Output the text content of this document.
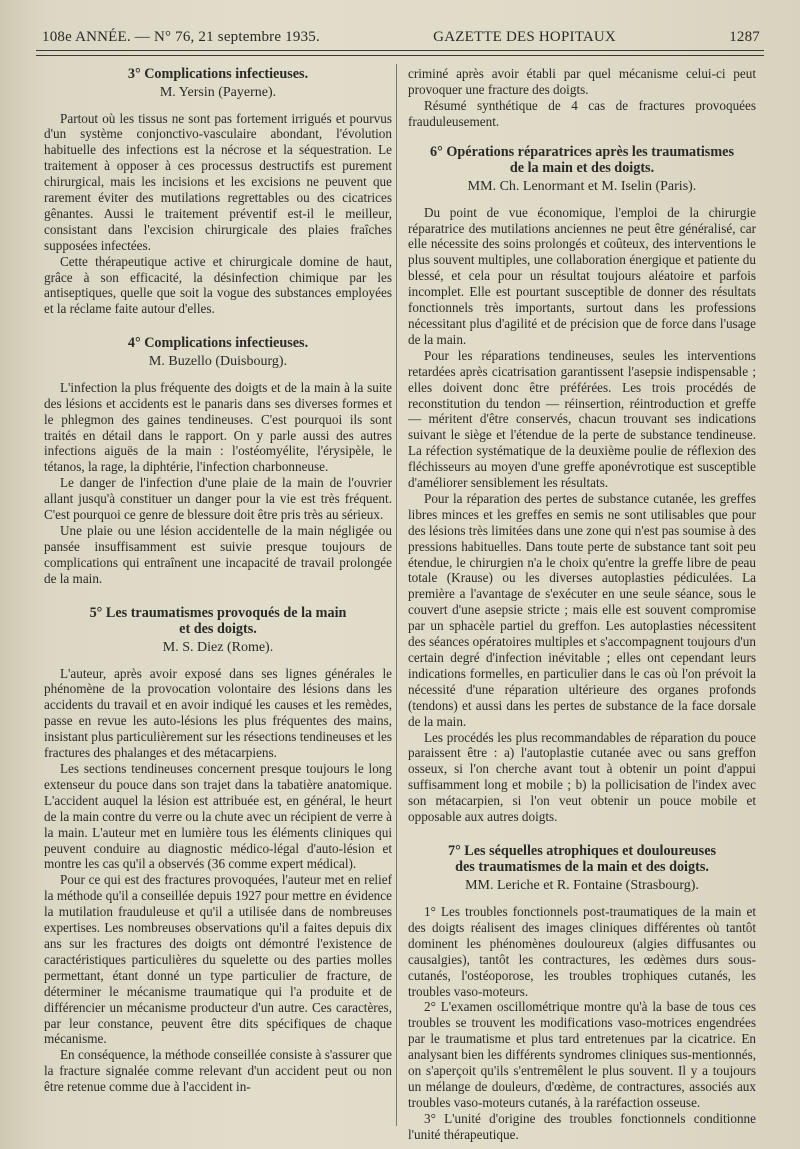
108e ANNÉE. — N° 76, 21 septembre 1935.	GAZETTE DES HOPITAUX	1287
3° Complications infectieuses.
M. Yersin (Payerne).

Partout où les tissus ne sont pas fortement irrigués et pourvus d'un système conjonctivo-vasculaire abondant, l'évolution habituelle des infections est la nécrose et la séquestration. Le traitement à opposer à ces processus destructifs est purement chirurgical, mais les incisions et les excisions ne peuvent que rarement éviter des mutilations regrettables ou des cicatrices gênantes. Aussi le traitement préventif est-il le meilleur, consistant dans l'excision chirurgicale des plaies fraîches supposées infectées.

Cette thérapeutique active et chirurgicale domine de haut, grâce à son efficacité, la désinfection chimique par les antiseptiques, quelle que soit la vogue des substances employées et la réclame faite autour d'elles.

4° Complications infectieuses.
M. Buzello (Duisbourg).

L'infection la plus fréquente des doigts et de la main à la suite des lésions et accidents est le panaris dans ses diverses formes et le phlegmon des gaines tendineuses. C'est pourquoi ils sont traités en détail dans le rapport. On y parle aussi des autres infections aiguës de la main : l'ostéomyélite, l'érysipèle, le tétanos, la rage, la diphtérie, l'infection charbonneuse.

Le danger de l'infection d'une plaie de la main de l'ouvrier allant jusqu'à constituer un danger pour la vie est très fréquent. C'est pourquoi ce genre de blessure doit être pris très au sérieux.

Une plaie ou une lésion accidentelle de la main négligée ou pansée insuffisamment est suivie presque toujours de complications qui entraînent une incapacité de travail prolongée de la main.

5° Les traumatismes provoqués de la main
et des doigts.
M. S. Diez (Rome).

L'auteur, après avoir exposé dans ses lignes générales le phénomène de la provocation volontaire des lésions dans les accidents du travail et en avoir indiqué les causes et les remèdes, passe en revue les auto-lésions les plus fréquentes des mains, insistant plus particulièrement sur les résections tendineuses et les fractures des phalanges et des métacarpiens.

Les sections tendineuses concernent presque toujours le long extenseur du pouce dans son trajet dans la tabatière anatomique. L'accident auquel la lésion est attribuée est, en général, le heurt de la main contre du verre ou la chute avec un récipient de verre à la main. L'auteur met en lumière tous les éléments cliniques qui peuvent conduire au diagnostic médico-légal d'auto-lésion et montre les cas qu'il a observés (36 comme expert médical).

Pour ce qui est des fractures provoquées, l'auteur met en relief la méthode qu'il a conseillée depuis 1927 pour mettre en évidence la mutilation frauduleuse et qu'il a utilisée dans de nombreuses expertises. Les nombreuses observations qu'il a faites depuis dix ans sur les fractures des doigts ont démontré l'existence de caractéristiques particulières du squelette ou des parties molles permettant, étant donné un type particulier de fracture, de déterminer le mécanisme traumatique qui l'a produite et de différencier un mécanisme producteur d'un autre. Ces caractères, par leur constance, peuvent être dits spécifiques de chaque mécanisme.

En conséquence, la méthode conseillée consiste à s'assurer que la fracture signalée comme relevant d'un accident peut ou non être retenue comme due à l'accident in-

criminé après avoir établi par quel mécanisme celui-ci peut provoquer une fracture des doigts.

Résumé synthétique de 4 cas de fractures provoquées frauduleusement.

6° Opérations réparatrices après les traumatismes
de la main et des doigts.
MM. Ch. Lenormant et M. Iselin (Paris).

Du point de vue économique, l'emploi de la chirurgie réparatrice des mutilations anciennes ne peut être généralisé, car elle nécessite des soins prolongés et coûteux, des interventions le plus souvent multiples, une collaboration énergique et patiente du blessé, et cela pour un résultat toujours aléatoire et parfois incomplet. Elle est pourtant susceptible de donner des résultats fonctionnels très importants, surtout dans les professions nécessitant plus d'agilité et de précision que de force dans l'usage de la main.

Pour les réparations tendineuses, seules les interventions retardées après cicatrisation garantissent l'asepsie indispensable ; elles doivent donc être préférées. Les trois procédés de reconstitution du tendon — réinsertion, réintroduction et greffe — méritent d'être conservés, chacun trouvant ses indications suivant le siège et l'étendue de la perte de substance tendineuse. La réfection systématique de la deuxième poulie de réflexion des fléchisseurs au moyen d'une greffe aponévrotique est susceptible d'améliorer sensiblement les résultats.

Pour la réparation des pertes de substance cutanée, les greffes libres minces et les greffes en semis ne sont utilisables que pour des lésions très limitées dans une zone qui n'est pas soumise à des pressions habituelles. Dans toute perte de substance tant soit peu étendue, le chirurgien n'a le choix qu'entre la greffe libre de peau totale (Krause) ou les diverses autoplasties pédiculées. La première a l'avantage de s'exécuter en une seule séance, sous le couvert d'une asepsie stricte ; mais elle est souvent compromise par un sphacèle partiel du greffon. Les autoplasties nécessitent des séances opératoires multiples et s'accompagnent toujours d'un certain degré d'infection inévitable ; elles ont cependant leurs indications formelles, en particulier dans le cas où l'on prévoit la nécessité d'une réparation ultérieure des organes profonds (tendons) et aussi dans les pertes de substance de la face dorsale de la main.

Les procédés les plus recommandables de réparation du pouce paraissent être : a) l'autoplastie cutanée avec ou sans greffon osseux, si l'on cherche avant tout à obtenir un point d'appui suffisamment long et mobile ; b) la pollicisation de l'index avec son métacarpien, si l'on veut obtenir un pouce mobile et opposable aux autres doigts.

7° Les séquelles atrophiques et douloureuses
des traumatismes de la main et des doigts.
MM. Leriche et R. Fontaine (Strasbourg).

1° Les troubles fonctionnels post-traumatiques de la main et des doigts réalisent des images cliniques différentes où tantôt dominent les phénomènes douloureux (algies diffusantes ou causalgies), tantôt les contractures, les œdèmes durs sous-cutanés, l'ostéoporose, les troubles trophiques cutanés, les troubles vaso-moteurs.

2° L'examen oscillométrique montre qu'à la base de tous ces troubles se trouvent les modifications vaso-motrices engendrées par le traumatisme et plus tard entretenues par la cicatrice. En analysant bien les différents syndromes cliniques sus-mentionnés, on s'aperçoit qu'ils s'entremêlent le plus souvent. Il y a toujours un mélange de douleurs, d'œdème, de contractures, associés aux troubles vaso-moteurs cutanés, à la raréfaction osseuse.

3° L'unité d'origine des troubles fonctionnels conditionne l'unité thérapeutique.
